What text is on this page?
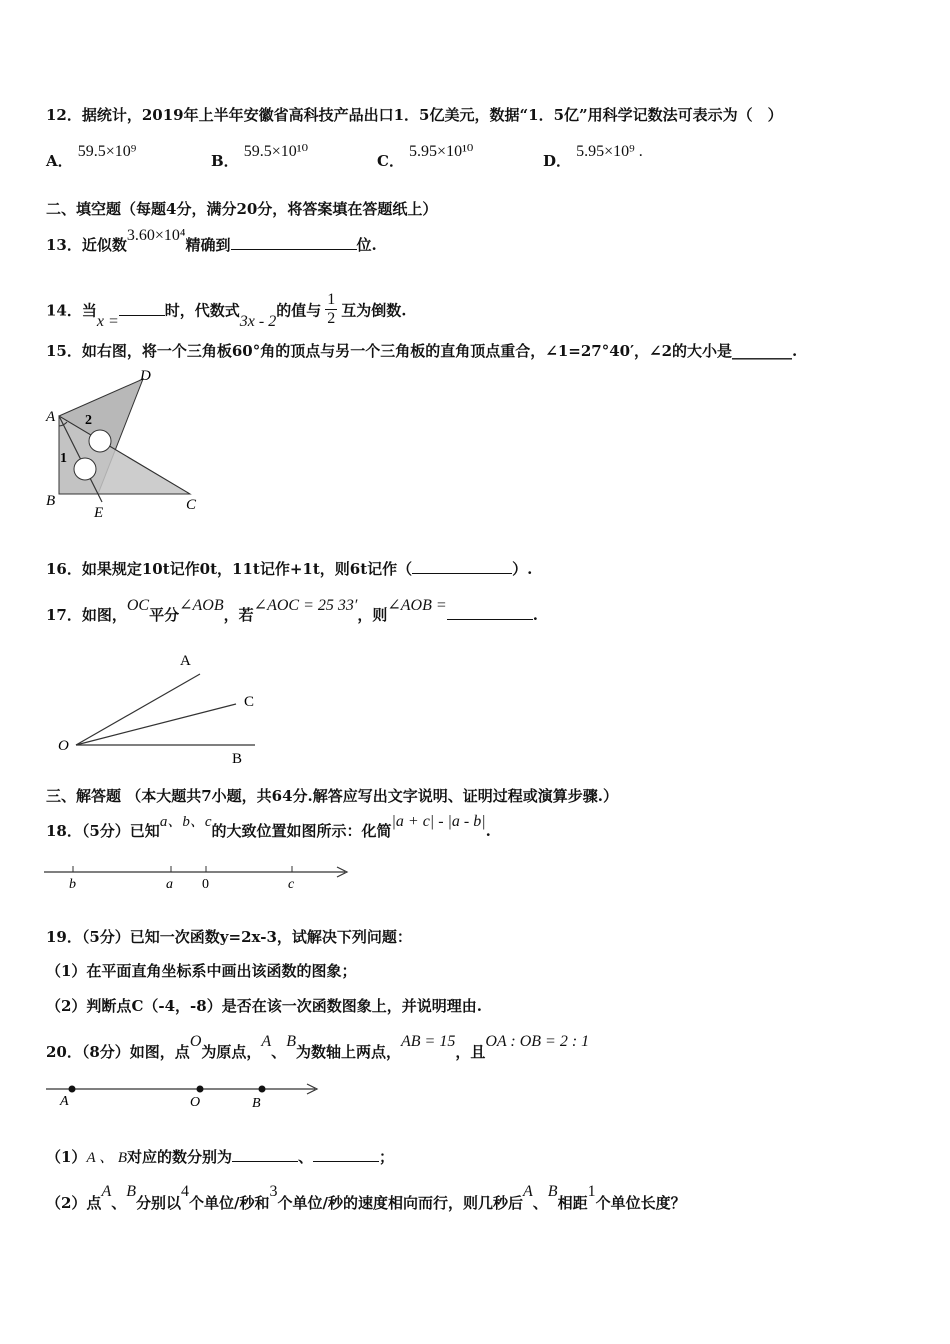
12．据统计，2019年上半年安徽省高科技产品出口1．5亿美元，数据“1．5亿”用科学记数法可表示为（　）
A． 59.5×10⁹
B． 59.5×10¹⁰
C． 5.95×10¹⁰
D． 5.95×10⁹ .
二、填空题（每题4分，满分20分，将答案填在答题纸上）
13．近似数3.60×10⁴精确到	位.
14．当x =时，代数式3x - 2的值与 $\frac{1}{2}$ 互为倒数.
15．如右图，将一个三角板60°角的顶点与另一个三角板的直角顶点重合，∠1=27°40′，∠2的大小是________.
A
D
B
E	C
2
1
16．如果规定10t记作0t，11t记作+1t，则6t记作（	）.
17．如图，OC平分∠AOB，若∠AOC = 25 33′，则∠AOB =.
O
A
C
B
三、解答题 （本大题共7小题，共64分.解答应写出文字说明、证明过程或演算步骤.）
18．（5分）已知a、b、c的大致位置如图所示：化简|a + c| - |a - b|.
b	a 0	c
19．（5分）已知一次函数y=2x-3，试解决下列问题：
（1）在平面直角坐标系中画出该函数的图象；
（2）判断点C（-4，-8）是否在该一次函数图象上，并说明理由.
20．（8分）如图，点O为原点，A、B为数轴上两点，AB = 15，且OA : OB = 2 : 1
A	O	B
（1）A 、 B对应的数分别为	、	；
（2）点A、B分别以4个单位/秒和3个单位/秒的速度相向而行，则几秒后A、B相距1个单位长度？
